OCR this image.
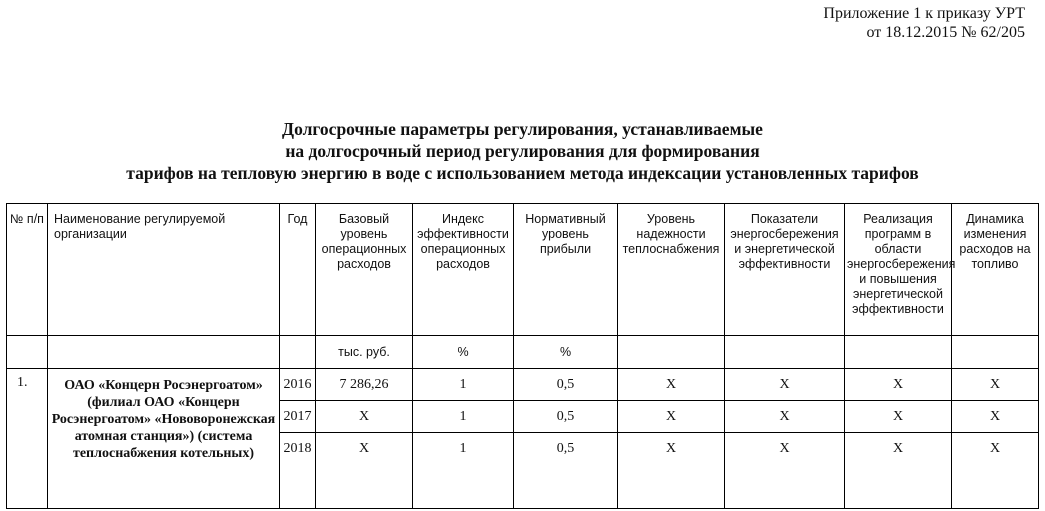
Приложение 1 к приказу УРТ
от 18.12.2015 № 62/205
Долгосрочные параметры регулирования, устанавливаемые
на долгосрочный период регулирования для формирования
тарифов на тепловую энергию в воде с использованием метода индексации установленных тарифов
№ п/п	Наименование регулируемой организации	Год	Базовый уровень операционных расходов	Индекс эффективности операционных расходов	Нормативный уровень прибыли	Уровень надежности теплоснабжения	Показатели энергосбережения и энергетической эффективности	Реализация программ в области энергосбережения и повышения энергетической эффективности	Динамика изменения расходов на топливо
			тыс. руб.	%	%				
1.	ОАО «Концерн Росэнергоатом» (филиал ОАО «Концерн Росэнергоатом» «Нововоронежская атомная станция») (система теплоснабжения котельных)	2016	7 286,26	1	0,5	X	X	X	X
		2017	X	1	0,5	X	X	X	X
		2018	X	1	0,5	X	X	X	X
